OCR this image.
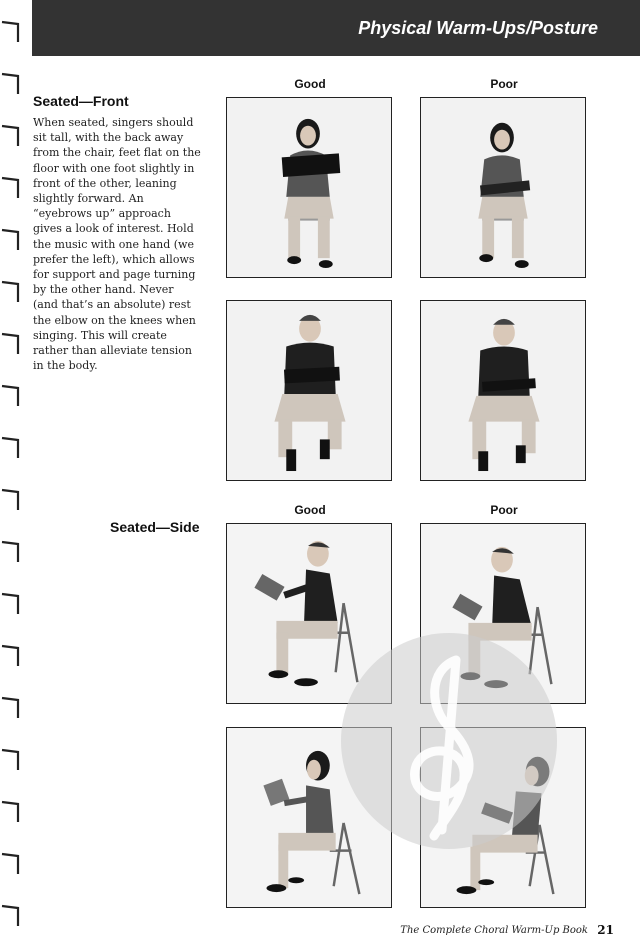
Physical Warm-Ups/Posture
Seated—Front
When seated, singers should sit tall, with the back away from the chair, feet flat on the floor with one foot slightly in front of the other, leaning slightly forward. An “eyebrows up” approach gives a look of interest. Hold the music with one hand (we prefer the left), which allows for support and page turning by the other hand. Never (and that’s an absolute) rest the elbow on the knees when singing. This will create rather than alleviate tension in the body.
Good	Poor
Seated—Side
Good	Poor
The Complete Choral Warm-Up Book 21
